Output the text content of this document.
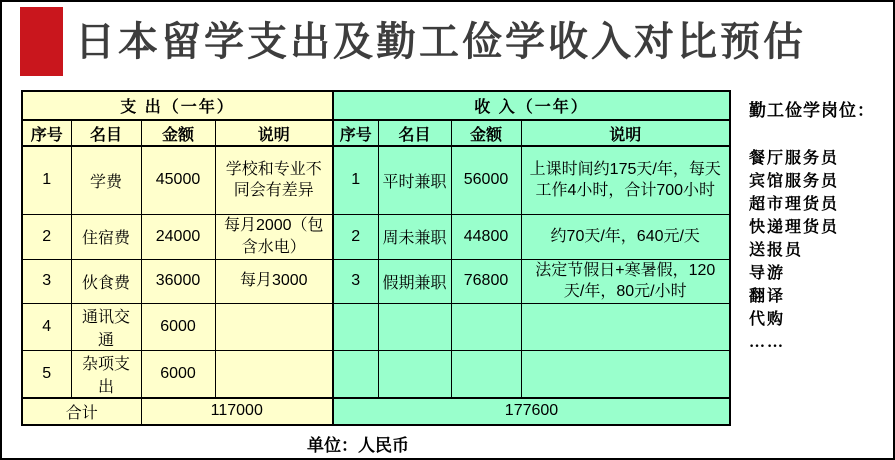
日本留学支出及勤工俭学收入对比预估
支 出（一年）				收 入（一年）			
序号	名目	金额	说明	序号	名目	金额	说明
1	学费	45000	学校和专业不同会有差异	1	平时兼职	56000	上课时间约175天/年，每天工作4小时，合计700小时
2	住宿费	24000	每月2000（包含水电）	2	周未兼职	44800	约70天/年，640元/天
3	伙食费	36000	每月3000	3	假期兼职	76800	法定节假日+寒暑假，120天/年，80元/小时
4	通讯交通	6000					
5	杂项支出	6000					
合计		117000		177600			
勤工俭学岗位：
餐厅服务员
宾馆服务员
超市理货员
快递理货员
送报员
导游
翻译
代购
……
单位：人民币
